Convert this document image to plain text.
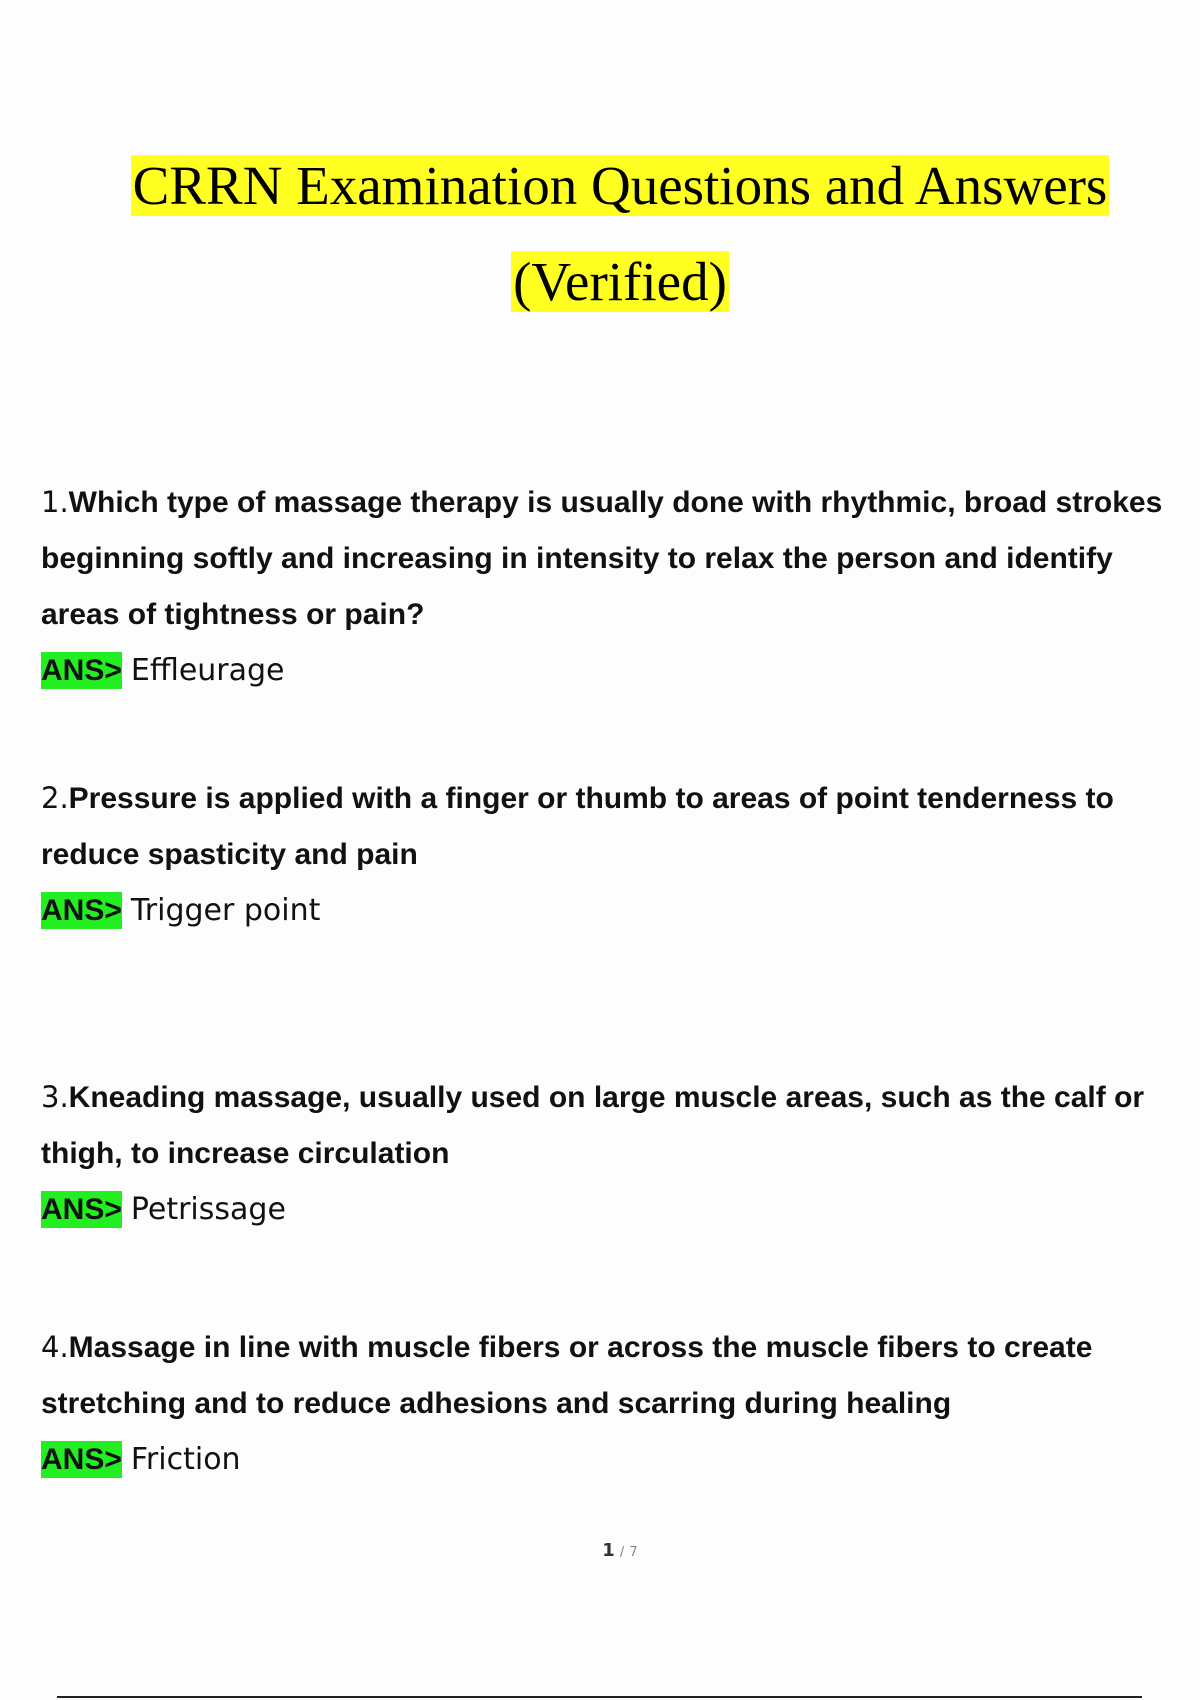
CRRN Examination Questions and Answers
(Verified)
1.Which type of massage therapy is usually done with rhythmic, broad strokes beginning softly and increasing in intensity to relax the person and identify areas of tightness or pain?
ANS> Effleurage
2.Pressure is applied with a finger or thumb to areas of point tenderness to reduce spasticity and pain
ANS> Trigger point
3.Kneading massage, usually used on large muscle areas, such as the calf or thigh, to increase circulation
ANS> Petrissage
4.Massage in line with muscle fibers or across the muscle fibers to create stretching and to reduce adhesions and scarring during healing
ANS> Friction
1 / 7
